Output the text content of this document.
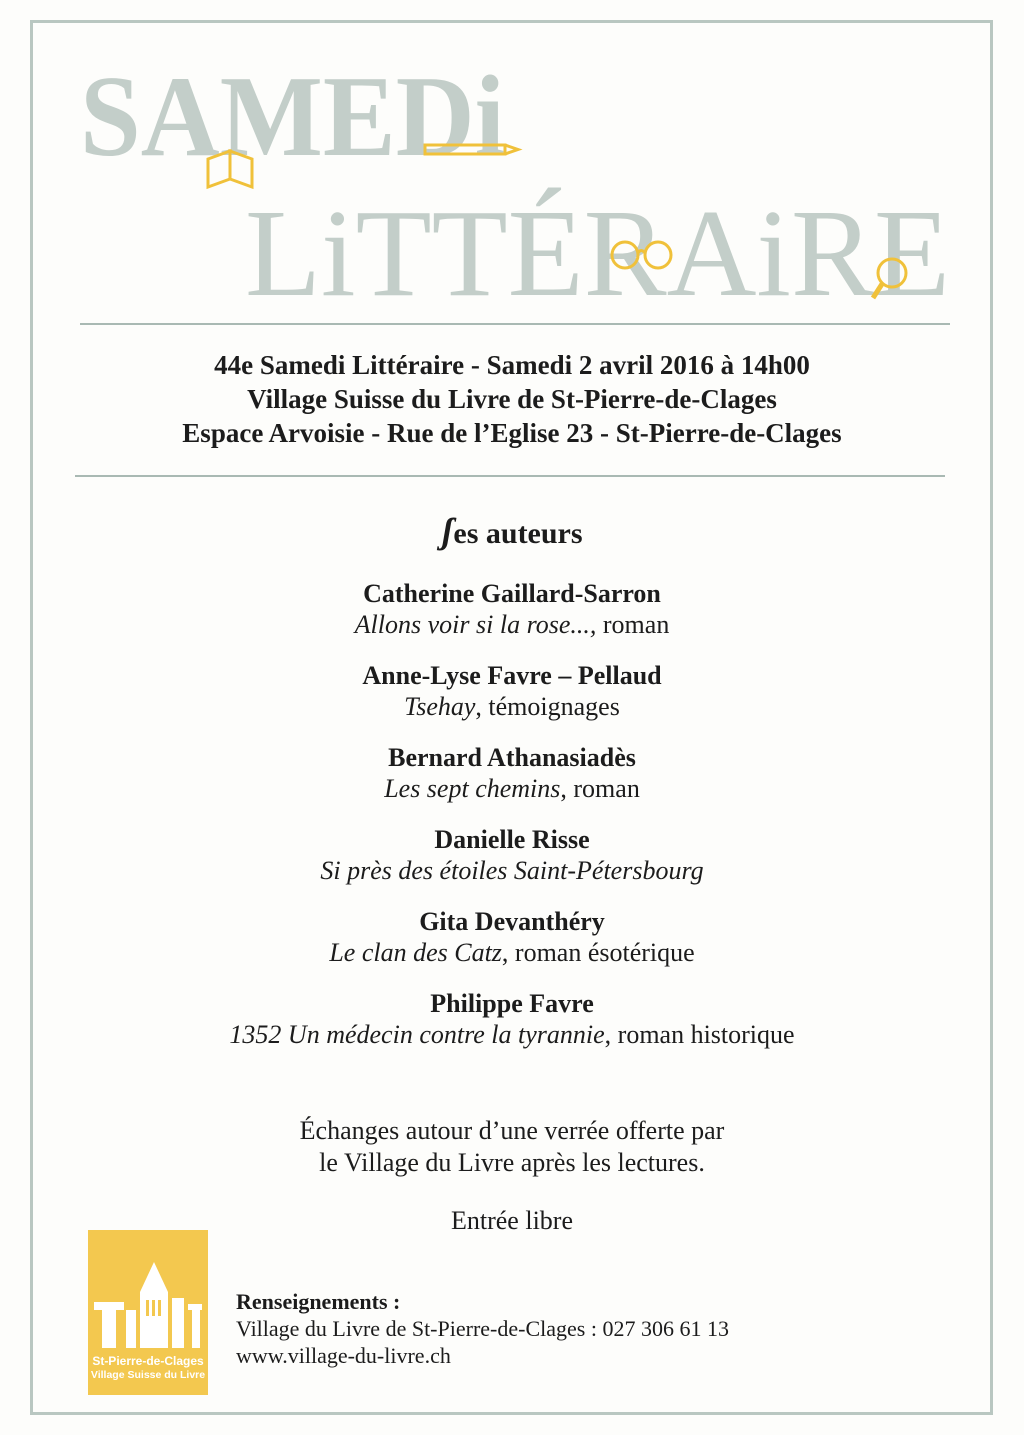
SAMEDi
LiTTÉRAiRE
44e Samedi Littéraire - Samedi 2 avril 2016 à 14h00
Village Suisse du Livre de St-Pierre-de-Clages
Espace Arvoisie - Rue de l’Eglise 23 - St-Pierre-de-Clages
ʃes auteurs
Catherine Gaillard-Sarron
Allons voir si la rose..., roman
Anne-Lyse Favre – Pellaud
Tsehay, témoignages
Bernard Athanasiadès
Les sept chemins, roman
Danielle Risse
Si près des étoiles Saint-Pétersbourg
Gita Devanthéry
Le clan des Catz, roman ésotérique
Philippe Favre
1352 Un médecin contre la tyrannie, roman historique
Échanges autour d’une verrée offerte par
le Village du Livre après les lectures.
Entrée libre
St-Pierre-de-Clages
Village Suisse du Livre
Renseignements :
Village du Livre de St-Pierre-de-Clages : 027 306 61 13
www.village-du-livre.ch
